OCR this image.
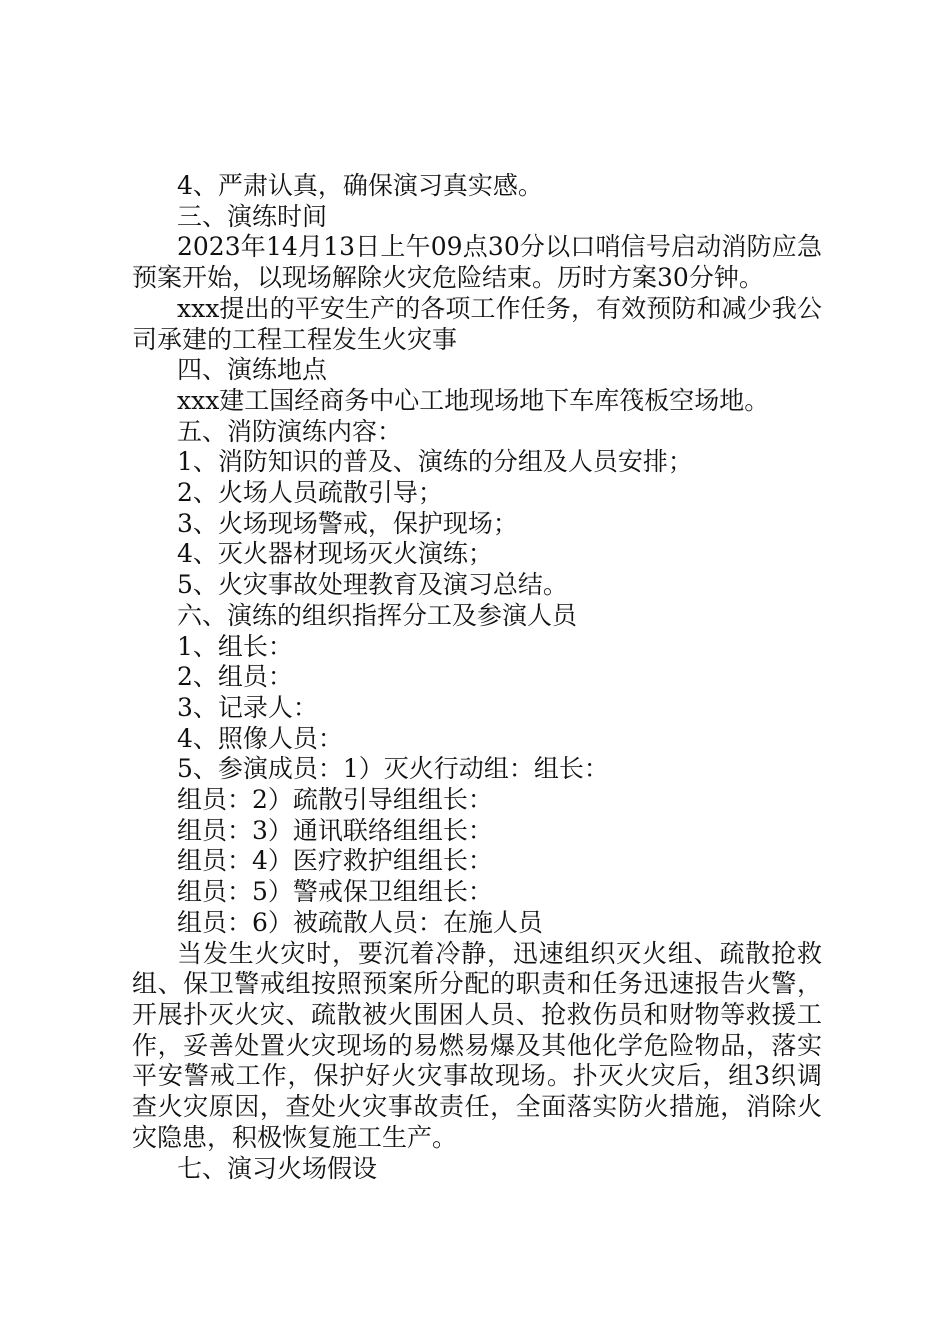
4、严肃认真，确保演习真实感。

三、演练时间

2023年14月13日上午09点30分以口哨信号启动消防应急预案开始，以现场解除火灾危险结束。历时方案30分钟。

xxx提出的平安生产的各项工作任务，有效预防和减少我公司承建的工程工程发生火灾事

四、演练地点

xxx建工国经商务中心工地现场地下车库筏板空场地。

五、消防演练内容：

1、消防知识的普及、演练的分组及人员安排；

2、火场人员疏散引导；

3、火场现场警戒，保护现场；

4、灭火器材现场灭火演练；

5、火灾事故处理教育及演习总结。

六、演练的组织指挥分工及参演人员

1、组长：

2、组员：

3、记录人：

4、照像人员：

5、参演成员：1）灭火行动组：组长：

组员：2）疏散引导组组长：

组员：3）通讯联络组组长：

组员：4）医疗救护组组长：

组员：5）警戒保卫组组长：

组员：6）被疏散人员：在施人员

当发生火灾时，要沉着冷静，迅速组织灭火组、疏散抢救组、保卫警戒组按照预案所分配的职责和任务迅速报告火警，开展扑灭火灾、疏散被火围困人员、抢救伤员和财物等救援工作，妥善处置火灾现场的易燃易爆及其他化学危险物品，落实平安警戒工作，保护好火灾事故现场。扑灭火灾后，组3织调查火灾原因，查处火灾事故责任，全面落实防火措施，消除火灾隐患，积极恢复施工生产。

七、演习火场假设
